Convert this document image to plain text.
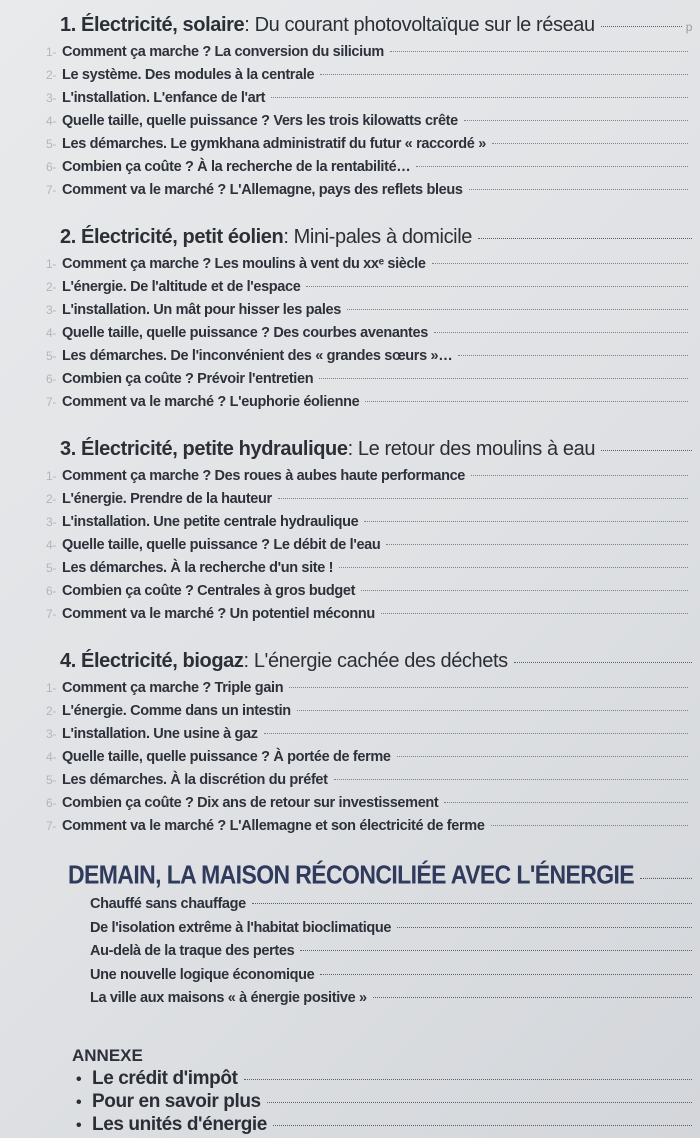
1. Électricité, solaire : Du courant photovoltaïque sur le réseau	p
1- Comment ça marche ? La conversion du silicium
2- Le système. Des modules à la centrale
3- L'installation. L'enfance de l'art
4- Quelle taille, quelle puissance ? Vers les trois kilowatts crête
5- Les démarches. Le gymkhana administratif du futur « raccordé »
6- Combien ça coûte ? À la recherche de la rentabilité…
7- Comment va le marché ? L'Allemagne, pays des reflets bleus
2. Électricité, petit éolien : Mini-pales à domicile
1- Comment ça marche ? Les moulins à vent du xxᵉ siècle
2- L'énergie. De l'altitude et de l'espace
3- L'installation. Un mât pour hisser les pales
4- Quelle taille, quelle puissance ? Des courbes avenantes
5- Les démarches. De l'inconvénient des « grandes sœurs »…
6- Combien ça coûte ? Prévoir l'entretien
7- Comment va le marché ? L'euphorie éolienne
3. Électricité, petite hydraulique : Le retour des moulins à eau
1- Comment ça marche ? Des roues à aubes haute performance
2- L'énergie. Prendre de la hauteur
3- L'installation. Une petite centrale hydraulique
4- Quelle taille, quelle puissance ? Le débit de l'eau
5- Les démarches. À la recherche d'un site !
6- Combien ça coûte ? Centrales à gros budget
7- Comment va le marché ? Un potentiel méconnu
4. Électricité, biogaz : L'énergie cachée des déchets
1- Comment ça marche ? Triple gain
2- L'énergie. Comme dans un intestin
3- L'installation. Une usine à gaz
4- Quelle taille, quelle puissance ? À portée de ferme
5- Les démarches. À la discrétion du préfet
6- Combien ça coûte ? Dix ans de retour sur investissement
7- Comment va le marché ? L'Allemagne et son électricité de ferme
DEMAIN, LA MAISON RÉCONCILIÉE AVEC L'ÉNERGIE
Chauffé sans chauffage
De l'isolation extrême à l'habitat bioclimatique
Au-delà de la traque des pertes
Une nouvelle logique économique
La ville aux maisons « à énergie positive »
ANNEXE
• Le crédit d'impôt
• Pour en savoir plus
• Les unités d'énergie
